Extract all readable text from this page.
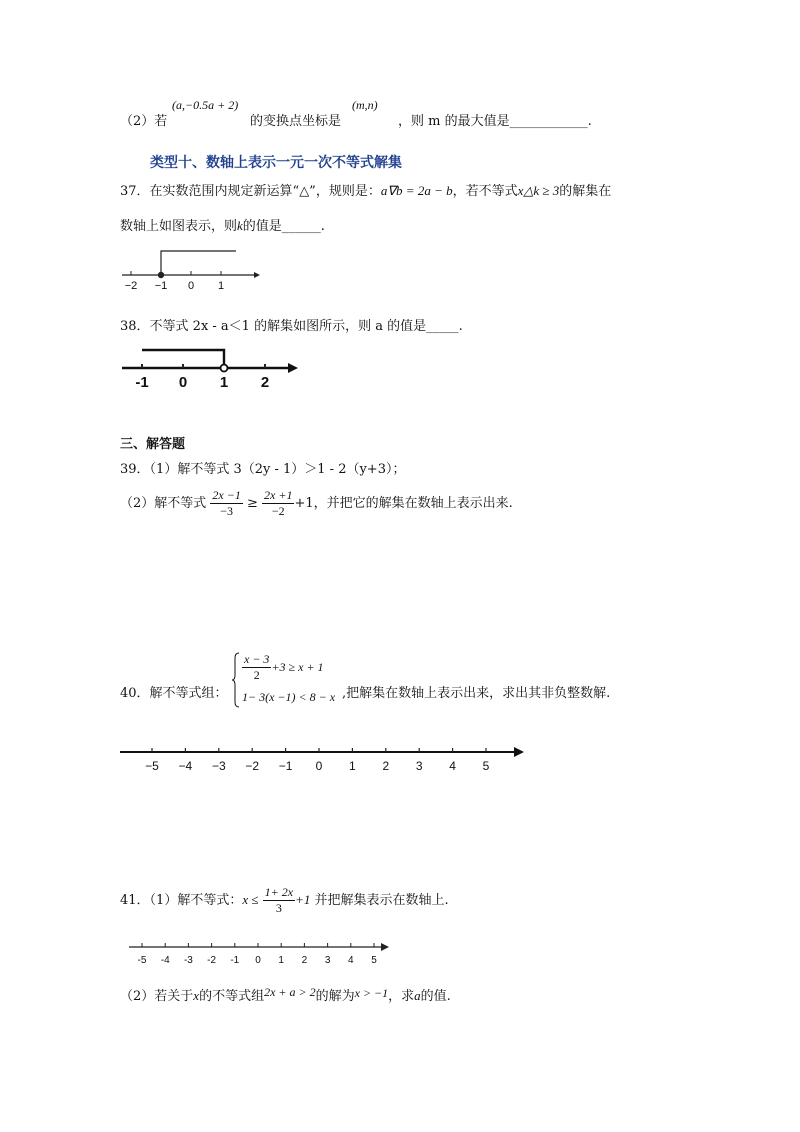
（2）若
(a,−0.5a + 2)
的变换点坐标是
(m,n)
，则 m 的最大值是____________.
类型十、数轴上表示一元一次不等式解集
37．在实数范围内规定新运算“△”，规则是：a∇b = 2a − b，若不等式x△k ≥ 3的解集在
数轴上如图表示，则k的值是______.
−2 −1 0 1
38．不等式 2x - a＜1 的解集如图所示，则 a 的值是_____.
-1 0 1 2
三、解答题
39．（1）解不等式 3（2y - 1）＞1 - 2（y+3）；
（2）解不等式 $\frac{2x -1}{-3} \ge \frac{2x +1}{-2} +1$，并把它的解集在数轴上表示出来.
40．解不等式组：
$\frac{x - 3}{2} +3 \ge x + 1$
1− 3(x −1) < 8 − x ,把解集在数轴上表示出来，求出其非负整数解.
−5 −4 −3 −2 −1 0 1 2 3 4 5
41．（1）解不等式：$x \le \frac{1+ 2x}{3} +1$ 并把解集表示在数轴上.
-5 -4 -3 -2 -1 0 1 2 3 4 5
（2）若关于x的不等式组2x + a > 2的解为x > −1，求a的值.
